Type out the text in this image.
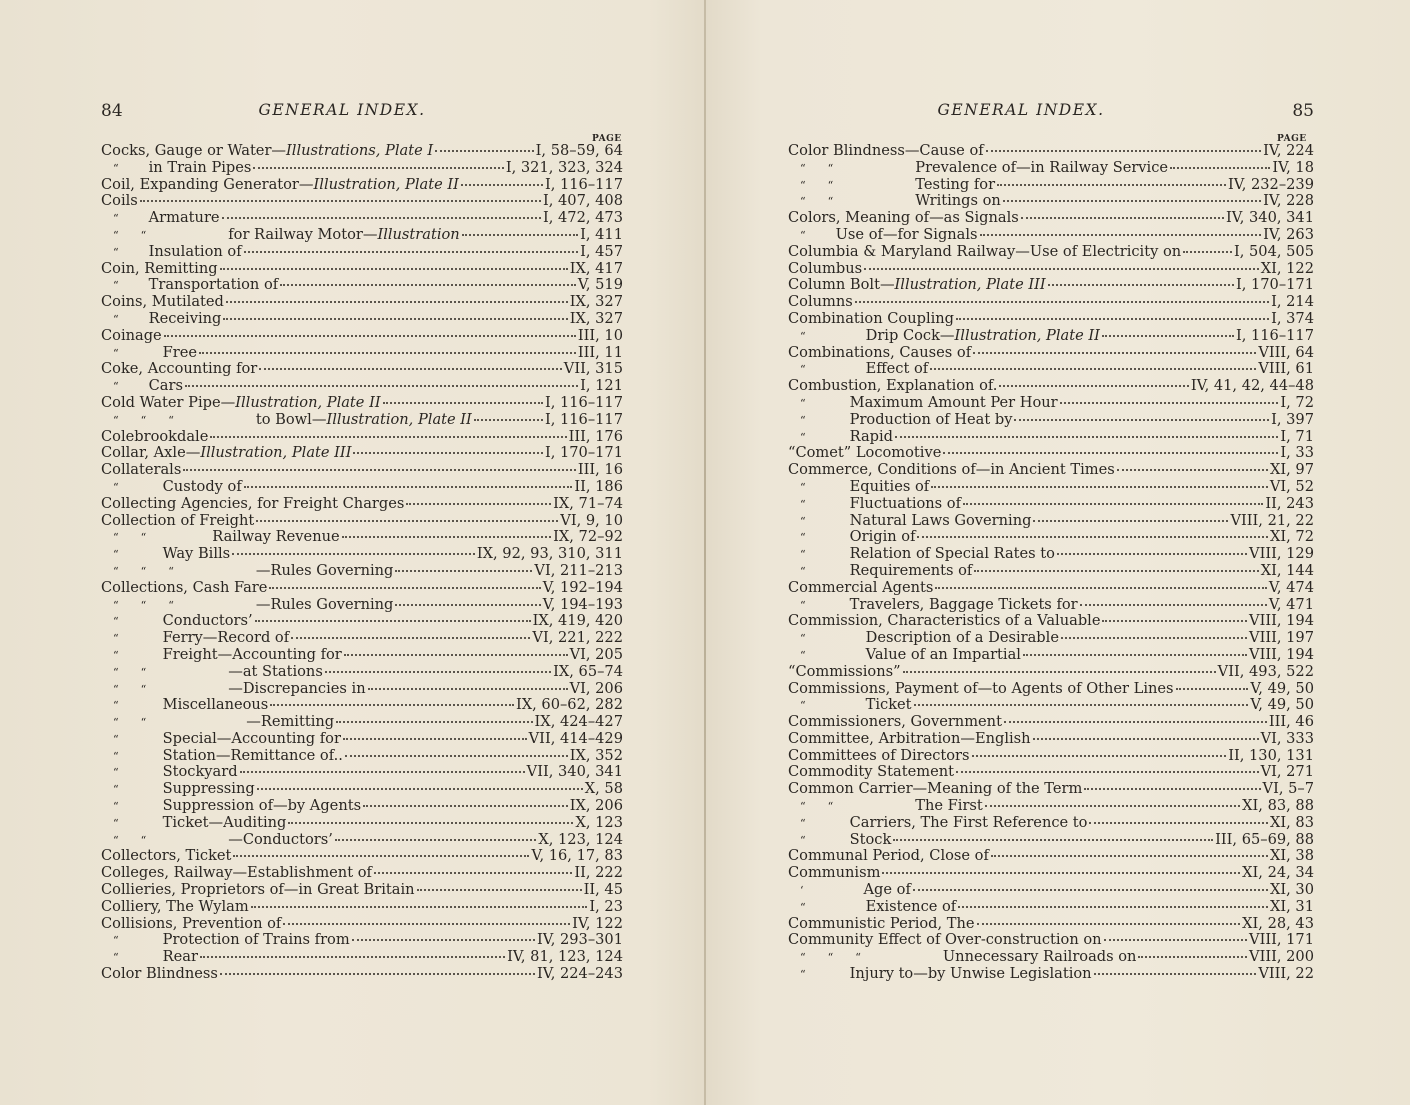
84	GENERAL INDEX.
PAGE
Cocks, Gauge or Water—Illustrations, Plate I	I, 58–59, 64
“ in Train Pipes	I, 321, 323, 324
Coil, Expanding Generator—Illustration, Plate II	I, 116–117
Coils	I, 407, 408
“ Armature	I, 472, 473
“ “	for Railway Motor—Illustration	I, 411
“ Insulation of	I, 457
Coin, Remitting	IX, 417
“ Transportation of	V, 519
Coins, Mutilated	IX, 327
“ Receiving	IX, 327
Coinage	III, 10
“	Free	III, 11
Coke, Accounting for	VII, 315
“ Cars	I, 121
Cold Water Pipe—Illustration, Plate II	I, 116–117
“ “ “	to Bowl—Illustration, Plate II	I, 116–117
Colebrookdale	III, 176
Collar, Axle—Illustration, Plate III	I, 170–171
Collaterals	III, 16
“	Custody of	II, 186
Collecting Agencies, for Freight Charges	IX, 71–74
Collection of Freight	VI, 9, 10
“ “	Railway Revenue	IX, 72–92
“	Way Bills	IX, 92, 93, 310, 311
“ “ “	—Rules Governing	VI, 211–213
Collections, Cash Fare	V, 192–194
“ “ “	—Rules Governing	V, 194–193
“	Conductors’	IX, 419, 420
“	Ferry—Record of	VI, 221, 222
“	Freight—Accounting for	VI, 205
“ “	—at Stations	IX, 65–74
“ “	—Discrepancies in	VI, 206
“	Miscellaneous	IX, 60–62, 282
“ “	—Remitting	IX, 424–427
“	Special—Accounting for	VII, 414–429
“	Station—Remittance of..	IX, 352
“	Stockyard	VII, 340, 341
“	Suppressing	X, 58
“	Suppression of—by Agents	IX, 206
“	Ticket—Auditing	X, 123
“ “	—Conductors’	X, 123, 124
Collectors, Ticket	V, 16, 17, 83
Colleges, Railway—Establishment of	II, 222
Collieries, Proprietors of—in Great Britain	II, 45
Colliery, The Wylam	I, 23
Collisions, Prevention of	IV, 122
“	Protection of Trains from	IV, 293–301
“	Rear	IV, 81, 123, 124
Color Blindness	IV, 224–243
GENERAL INDEX.	85
PAGE
Color Blindness—Cause of	IV, 224
“ “	Prevalence of—in Railway Service	IV, 18
“ “	Testing for	IV, 232–239
“ “	Writings on	IV, 228
Colors, Meaning of—as Signals	IV, 340, 341
“ Use of—for Signals	IV, 263
Columbia & Maryland Railway—Use of Electricity on	I, 504, 505
Columbus	XI, 122
Column Bolt—Illustration, Plate III	I, 170–171
Columns	I, 214
Combination Coupling	I, 374
“	Drip Cock—Illustration, Plate II	I, 116–117
Combinations, Causes of	VIII, 64
“	Effect of	VIII, 61
Combustion, Explanation of.	IV, 41, 42, 44–48
“	Maximum Amount Per Hour	I, 72
“	Production of Heat by	I, 397
“	Rapid	I, 71
“Comet” Locomotive	I, 33
Commerce, Conditions of—in Ancient Times	XI, 97
“	Equities of	VI, 52
“	Fluctuations of	II, 243
“	Natural Laws Governing	VIII, 21, 22
“	Origin of	XI, 72
“	Relation of Special Rates to	VIII, 129
“	Requirements of	XI, 144
Commercial Agents	V, 474
“	Travelers, Baggage Tickets for	V, 471
Commission, Characteristics of a Valuable	VIII, 194
“	Description of a Desirable	VIII, 197
“	Value of an Impartial	VIII, 194
“Commissions”	VII, 493, 522
Commissions, Payment of—to Agents of Other Lines	V, 49, 50
“	Ticket	V, 49, 50
Commissioners, Government	III, 46
Committee, Arbitration—English	VI, 333
Committees of Directors	II, 130, 131
Commodity Statement	VI, 271
Common Carrier—Meaning of the Term	VI, 5–7
“ “	The First	XI, 83, 88
“	Carriers, The First Reference to	XI, 83
“	Stock	III, 65–69, 88
Communal Period, Close of	XI, 38
Communism	XI, 24, 34
‘	Age of	XI, 30
“	Existence of	XI, 31
Communistic Period, The	XI, 28, 43
Community Effect of Over-construction on	VIII, 171
“ “ “	Unnecessary Railroads on	VIII, 200
“	Injury to—by Unwise Legislation	VIII, 22
